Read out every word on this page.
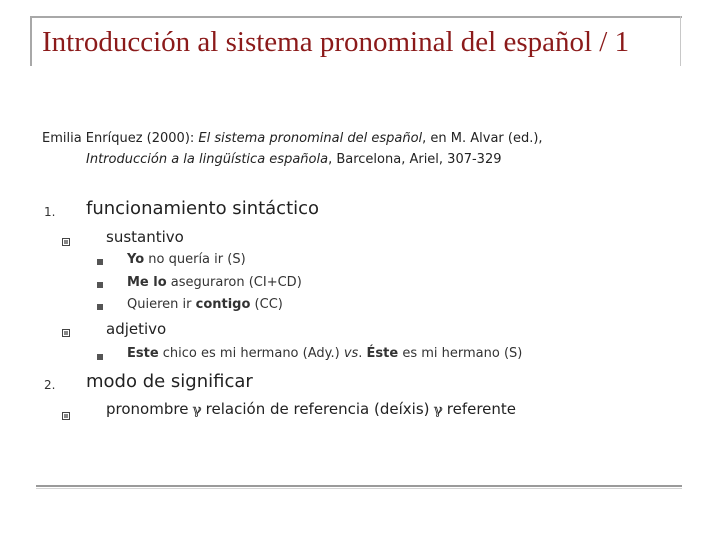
Introducción al sistema pronominal del español / 1
Emilia Enríquez (2000): El sistema pronominal del español, en M. Alvar (ed.),
Introducción a la lingüística española, Barcelona, Ariel, 307-329
1. funcionamiento sintáctico
sustantivo
Yo no quería ir (S)
Me lo aseguraron (CI+CD)
Quieren ir contigo (CC)
adjetivo
Este chico es mi hermano (Ady.) vs. Éste es mi hermano (S)
2. modo de significar
pronombre ℽ relación de referencia (deíxis) ℽ referente
